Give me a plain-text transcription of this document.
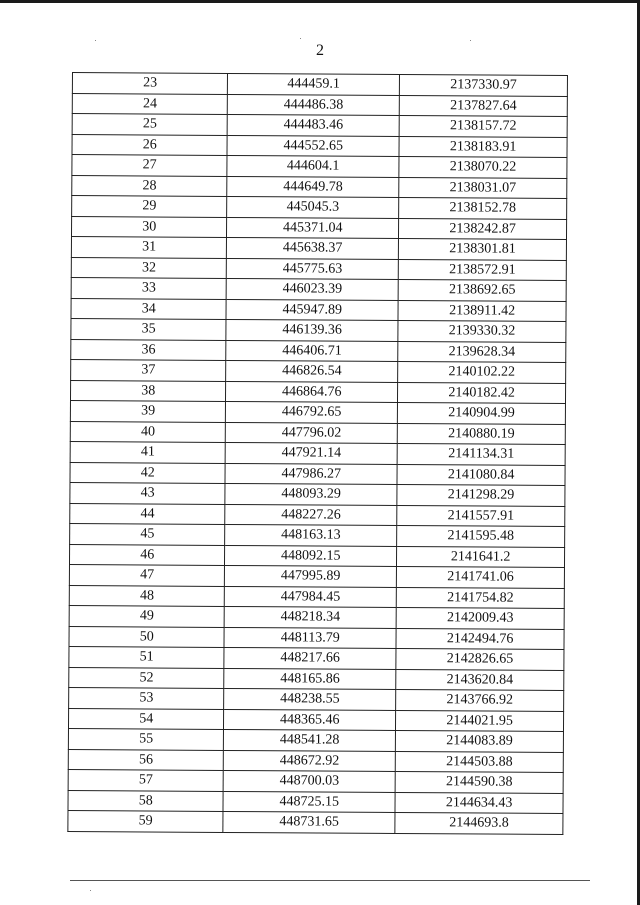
2
23	444459.1	2137330.97
24	444486.38	2137827.64
25	444483.46	2138157.72
26	444552.65	2138183.91
27	444604.1	2138070.22
28	444649.78	2138031.07
29	445045.3	2138152.78
30	445371.04	2138242.87
31	445638.37	2138301.81
32	445775.63	2138572.91
33	446023.39	2138692.65
34	445947.89	2138911.42
35	446139.36	2139330.32
36	446406.71	2139628.34
37	446826.54	2140102.22
38	446864.76	2140182.42
39	446792.65	2140904.99
40	447796.02	2140880.19
41	447921.14	2141134.31
42	447986.27	2141080.84
43	448093.29	2141298.29
44	448227.26	2141557.91
45	448163.13	2141595.48
46	448092.15	2141641.2
47	447995.89	2141741.06
48	447984.45	2141754.82
49	448218.34	2142009.43
50	448113.79	2142494.76
51	448217.66	2142826.65
52	448165.86	2143620.84
53	448238.55	2143766.92
54	448365.46	2144021.95
55	448541.28	2144083.89
56	448672.92	2144503.88
57	448700.03	2144590.38
58	448725.15	2144634.43
59	448731.65	2144693.8
